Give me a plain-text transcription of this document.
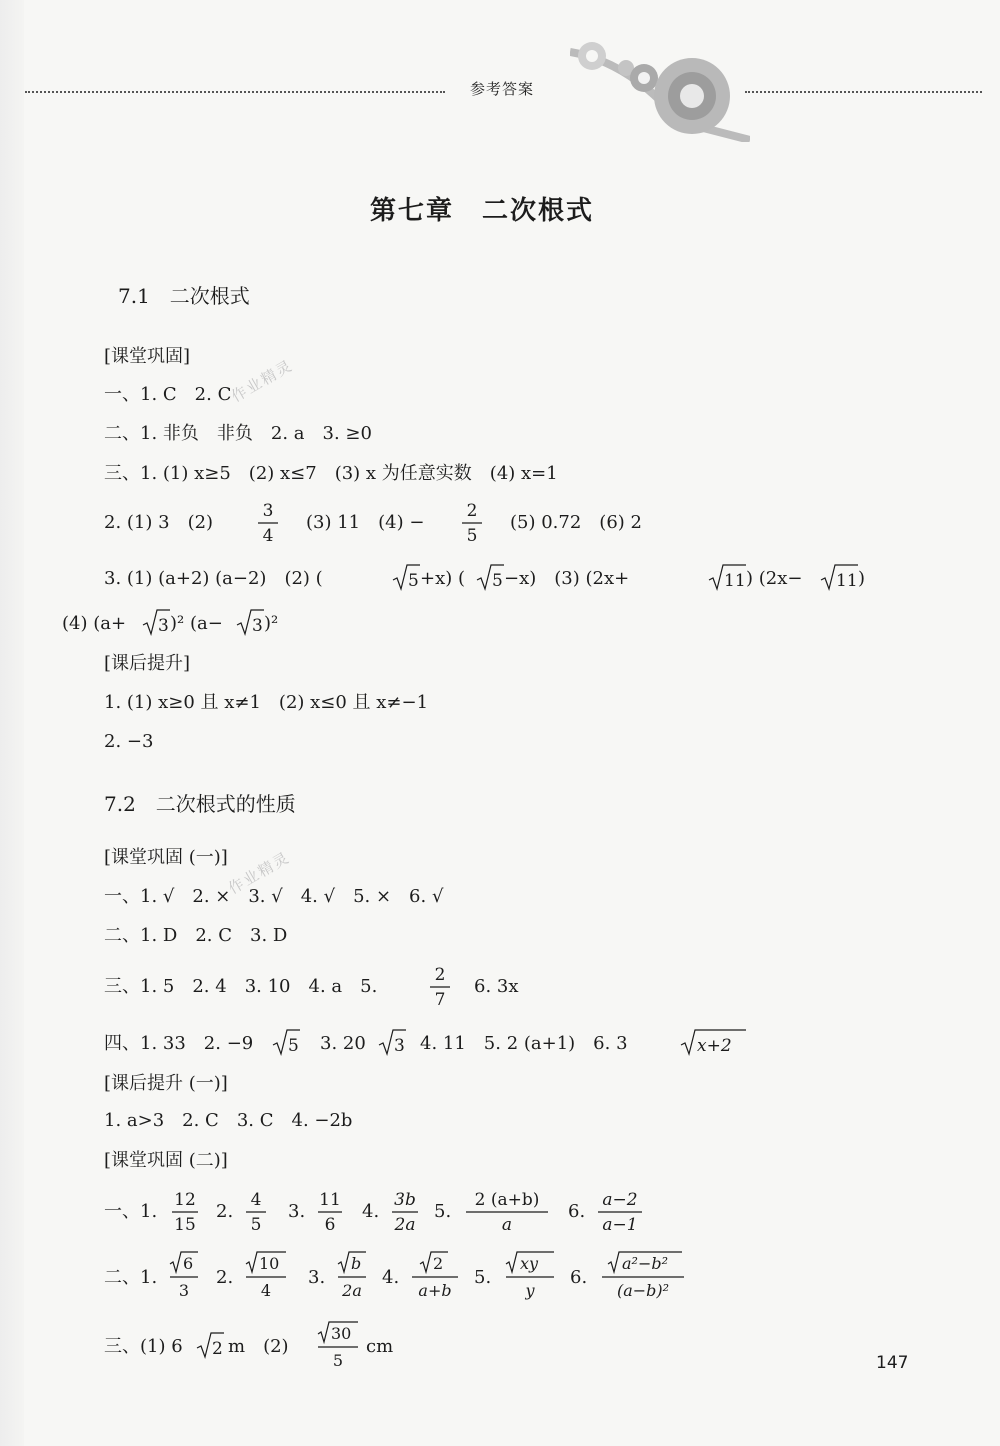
参考答案
作业精灵
作业精灵
第七章　二次根式
7.1　二次根式
[课堂巩固]
一、1. C　2. C
二、1. 非负　非负　2. a　3. ≥0
三、1. (1) x≥5　(2) x≤7　(3) x 为任意实数　(4) x=1
2. (1) 3　(2)
3
4
(3) 11　(4) −
2
5
(5) 0.72　(6) 2
3. (1) (a+2) (a−2)　(2) (	5 +x) ( 5 −x)　(3) (2x+	11 ) (2x− 11 )
(4) (a+ 3 )² (a− 3 )²
[课后提升]
1. (1) x≥0 且 x≠1　(2) x≤0 且 x≠−1
2. −3
7.2　二次根式的性质
[课堂巩固 (一)]
一、1. √　2. ×　3. √　4. √　5. ×　6. √
二、1. D　2. C　3. D
三、1. 5　2. 4　3. 10　4. a　5.
2
7
6. 3x
四、1. 33　2. −9 5 3. 20 3 4. 11　5. 2 (a+1)　6. 3	x+2
[课后提升 (一)]
1. a>3　2. C　3. C　4. −2b
[课堂巩固 (二)]
一、1.
12
15
2.
4
5
3.
11
6
4.
3b
2a
5.
2 (a+b)
a
6.
a−2
a−1
二、1.
6
3
2.
10
4
3.
b
2a
4.
2
a+b
5.
xy
y
6.
a²−b²
(a−b)²
三、(1) 6 2 m　(2)
30
5
cm
147
